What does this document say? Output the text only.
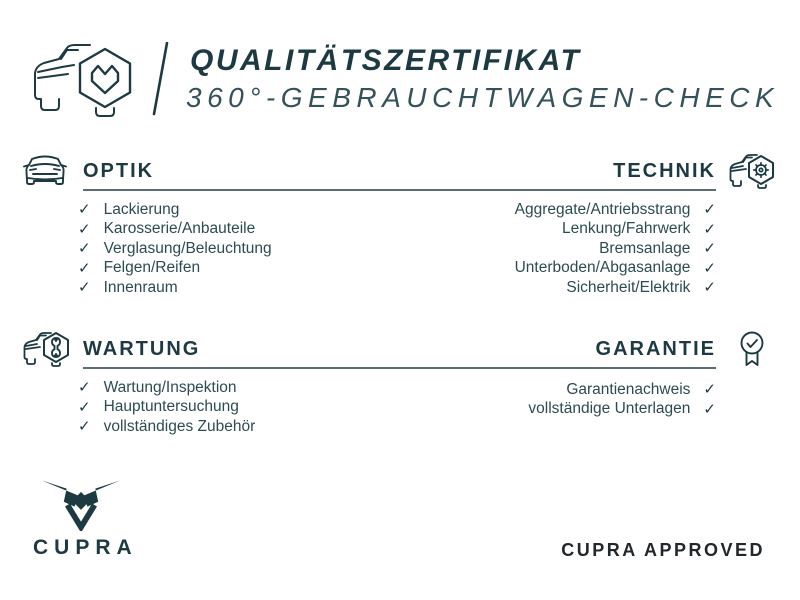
QUALITÄTSZERTIFIKAT
360°-GEBRAUCHTWAGEN-CHECK
OPTIK	TECHNIK
✓ Lackierung
✓ Karosserie/Anbauteile
✓ Verglasung/Beleuchtung
✓ Felgen/Reifen
✓ Innenraum
Aggregate/Antriebsstrang ✓
Lenkung/Fahrwerk ✓
Bremsanlage ✓
Unterboden/Abgasanlage ✓
Sicherheit/Elektrik ✓
WARTUNG	GARANTIE
✓ Wartung/Inspektion
✓ Hauptuntersuchung
✓ vollständiges Zubehör
Garantienachweis ✓
vollständige Unterlagen ✓
CUPRA	CUPRA APPROVED
